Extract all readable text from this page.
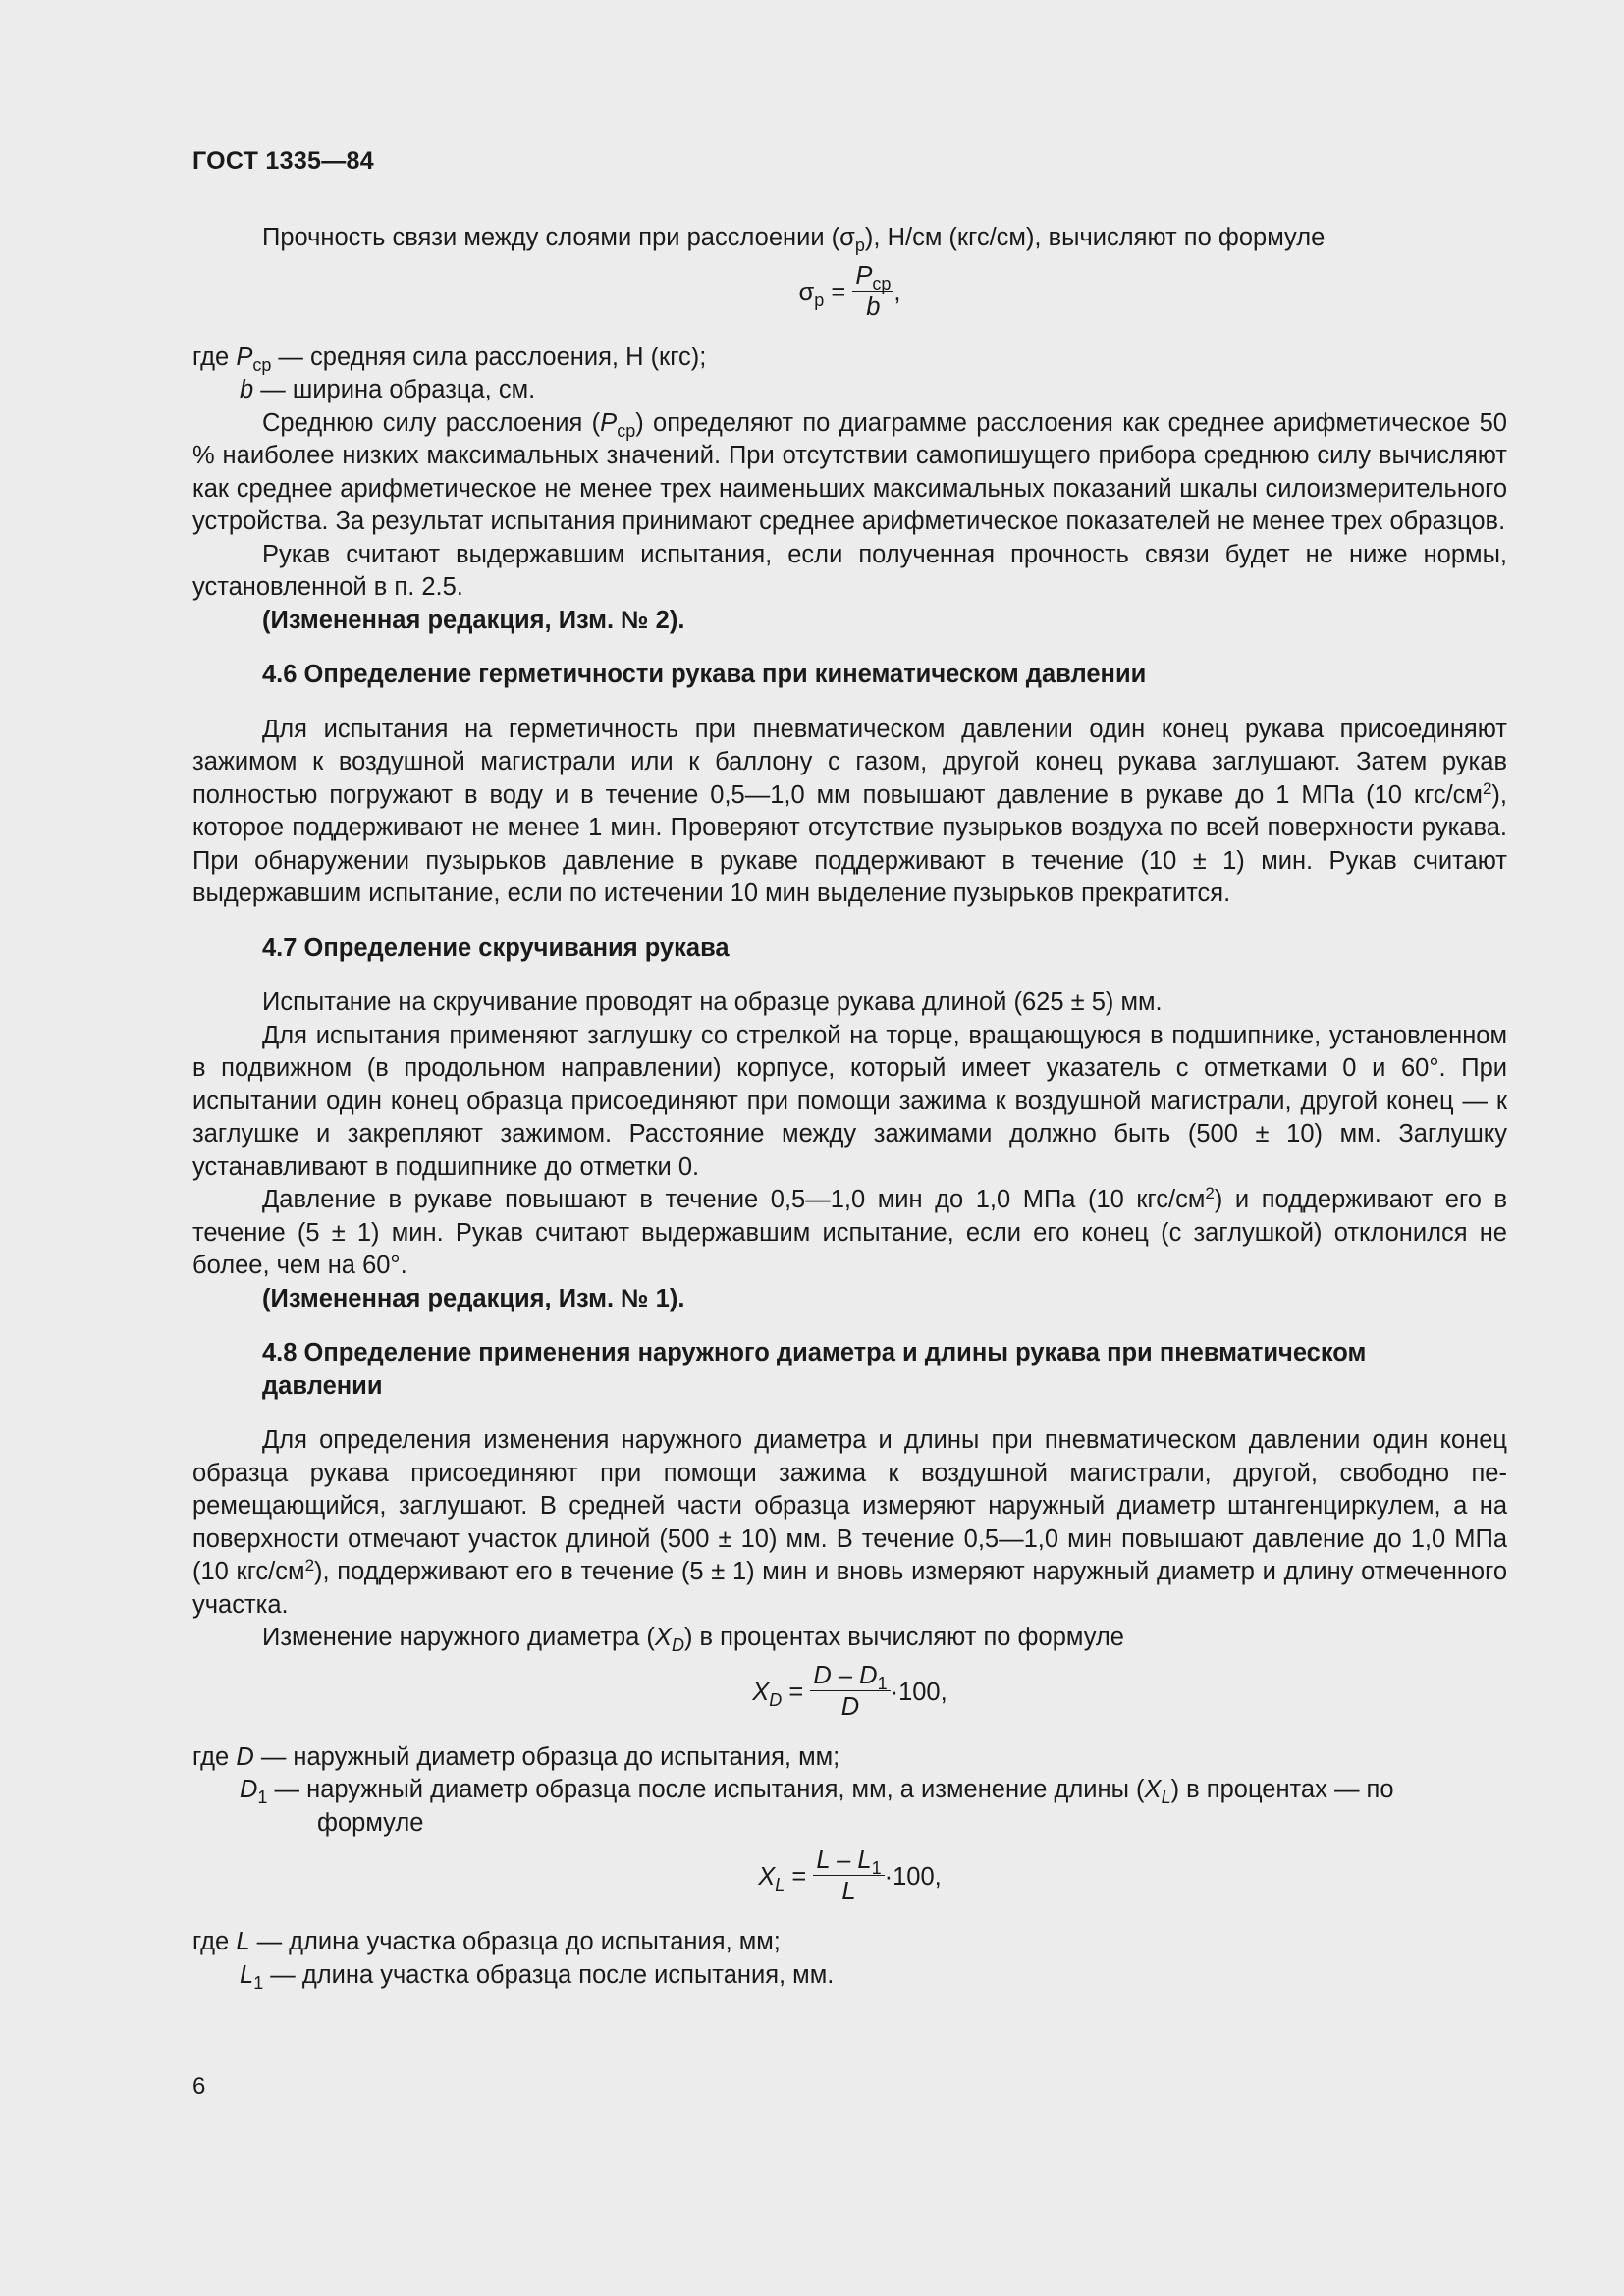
ГОСТ 1335—84

Прочность связи между слоями при расслоении $(\sigma_р)$, Н/см (кгс/см), вычисляют по формуле

$\sigma_р = \frac{P_{ср}}{b}$ ,

где $P_{ср}$ — средняя сила расслоения, Н (кгс);

b — ширина образца, см.

Среднюю силу расслоения $(P_{ср})$ определяют по диаграмме расслоения как среднее арифметическое 50 % наиболее низких максимальных значений. При отсутствии самопишущего прибора среднюю силу вычисляют как среднее арифметическое не менее трех наименьших максимальных показаний шкалы силоизмерительного устройства. За результат испытания принимают среднее арифметическое показателей не менее трех образцов.

Рукав считают выдержавшим испытания, если полученная прочность связи будет не ниже нормы, установленной в п. 2.5.

(Измененная редакция, Изм. № 2).

4.6 Определение герметичности рукава при кинематическом давлении

Для испытания на герметичность при пневматическом давлении один конец рукава присоединяют зажимом к воздушной магистрали или к баллону с газом, другой конец рукава заглушают. Затем рукав полностью погружают в воду и в течение 0,5—1,0 мм повышают давление в рукаве до 1 МПа (10 кгс/$см^2$), которое поддерживают не менее 1 мин. Проверяют отсутствие пузырьков воздуха по всей поверхности рукава. При обнаружении пузырьков давление в рукаве поддерживают в течение (10 ± 1) мин. Рукав считают выдержавшим испытание, если по истечении 10 мин выделение пузырьков прекратится.

4.7 Определение скручивания рукава

Испытание на скручивание проводят на образце рукава длиной (625 ± 5) мм.

Для испытания применяют заглушку со стрелкой на торце, вращающуюся в подшипнике, установленном в подвижном (в продольном направлении) корпусе, который имеет указатель с отметками 0 и 60°. При испытании один конец образца присоединяют при помощи зажима к воздушной магистрали, другой конец — к заглушке и закрепляют зажимом. Расстояние между зажимами должно быть (500 ± 10) мм. Заглушку устанавливают в подшипнике до отметки 0.

Давление в рукаве повышают в течение 0,5—1,0 мин до 1,0 МПа (10 кгс/$см^2$) и поддерживают его в течение (5 ± 1) мин. Рукав считают выдержавшим испытание, если его конец (с заглушкой) отклонился не более, чем на 60°.

(Измененная редакция, Изм. № 1).

4.8 Определение применения наружного диаметра и длины рукава при пневматическом
давлении

Для определения изменения наружного диаметра и длины при пневматическом давлении один конец образца рукава присоединяют при помощи зажима к воздушной магистрали, другой, свободно перемещающийся, заглушают. В средней части образца измеряют наружный диаметр штангенциркулем, а на поверхности отмечают участок длиной (500 ± 10) мм. В течение 0,5—1,0 мин повышают давление до 1,0 МПа (10 кгс/$см^2$), поддерживают его в течение (5 ± 1) мин и вновь измеряют наружный диаметр и длину отмеченного участка.

Изменение наружного диаметра $(X_D)$ в процентах вычисляют по формуле

$X_D = \frac{D - D_1}{D} \cdot 100$,

где D — наружный диаметр образца до испытания, мм;

$D_1$ — наружный диаметр образца после испытания, мм, а изменение длины $(X_L)$ в процентах — по
формуле
$X_L = \frac{L - L_1}{L} \cdot 100$,

где L — длина участка образца до испытания, мм;

$L_1$ — длина участка образца после испытания, мм.

6
